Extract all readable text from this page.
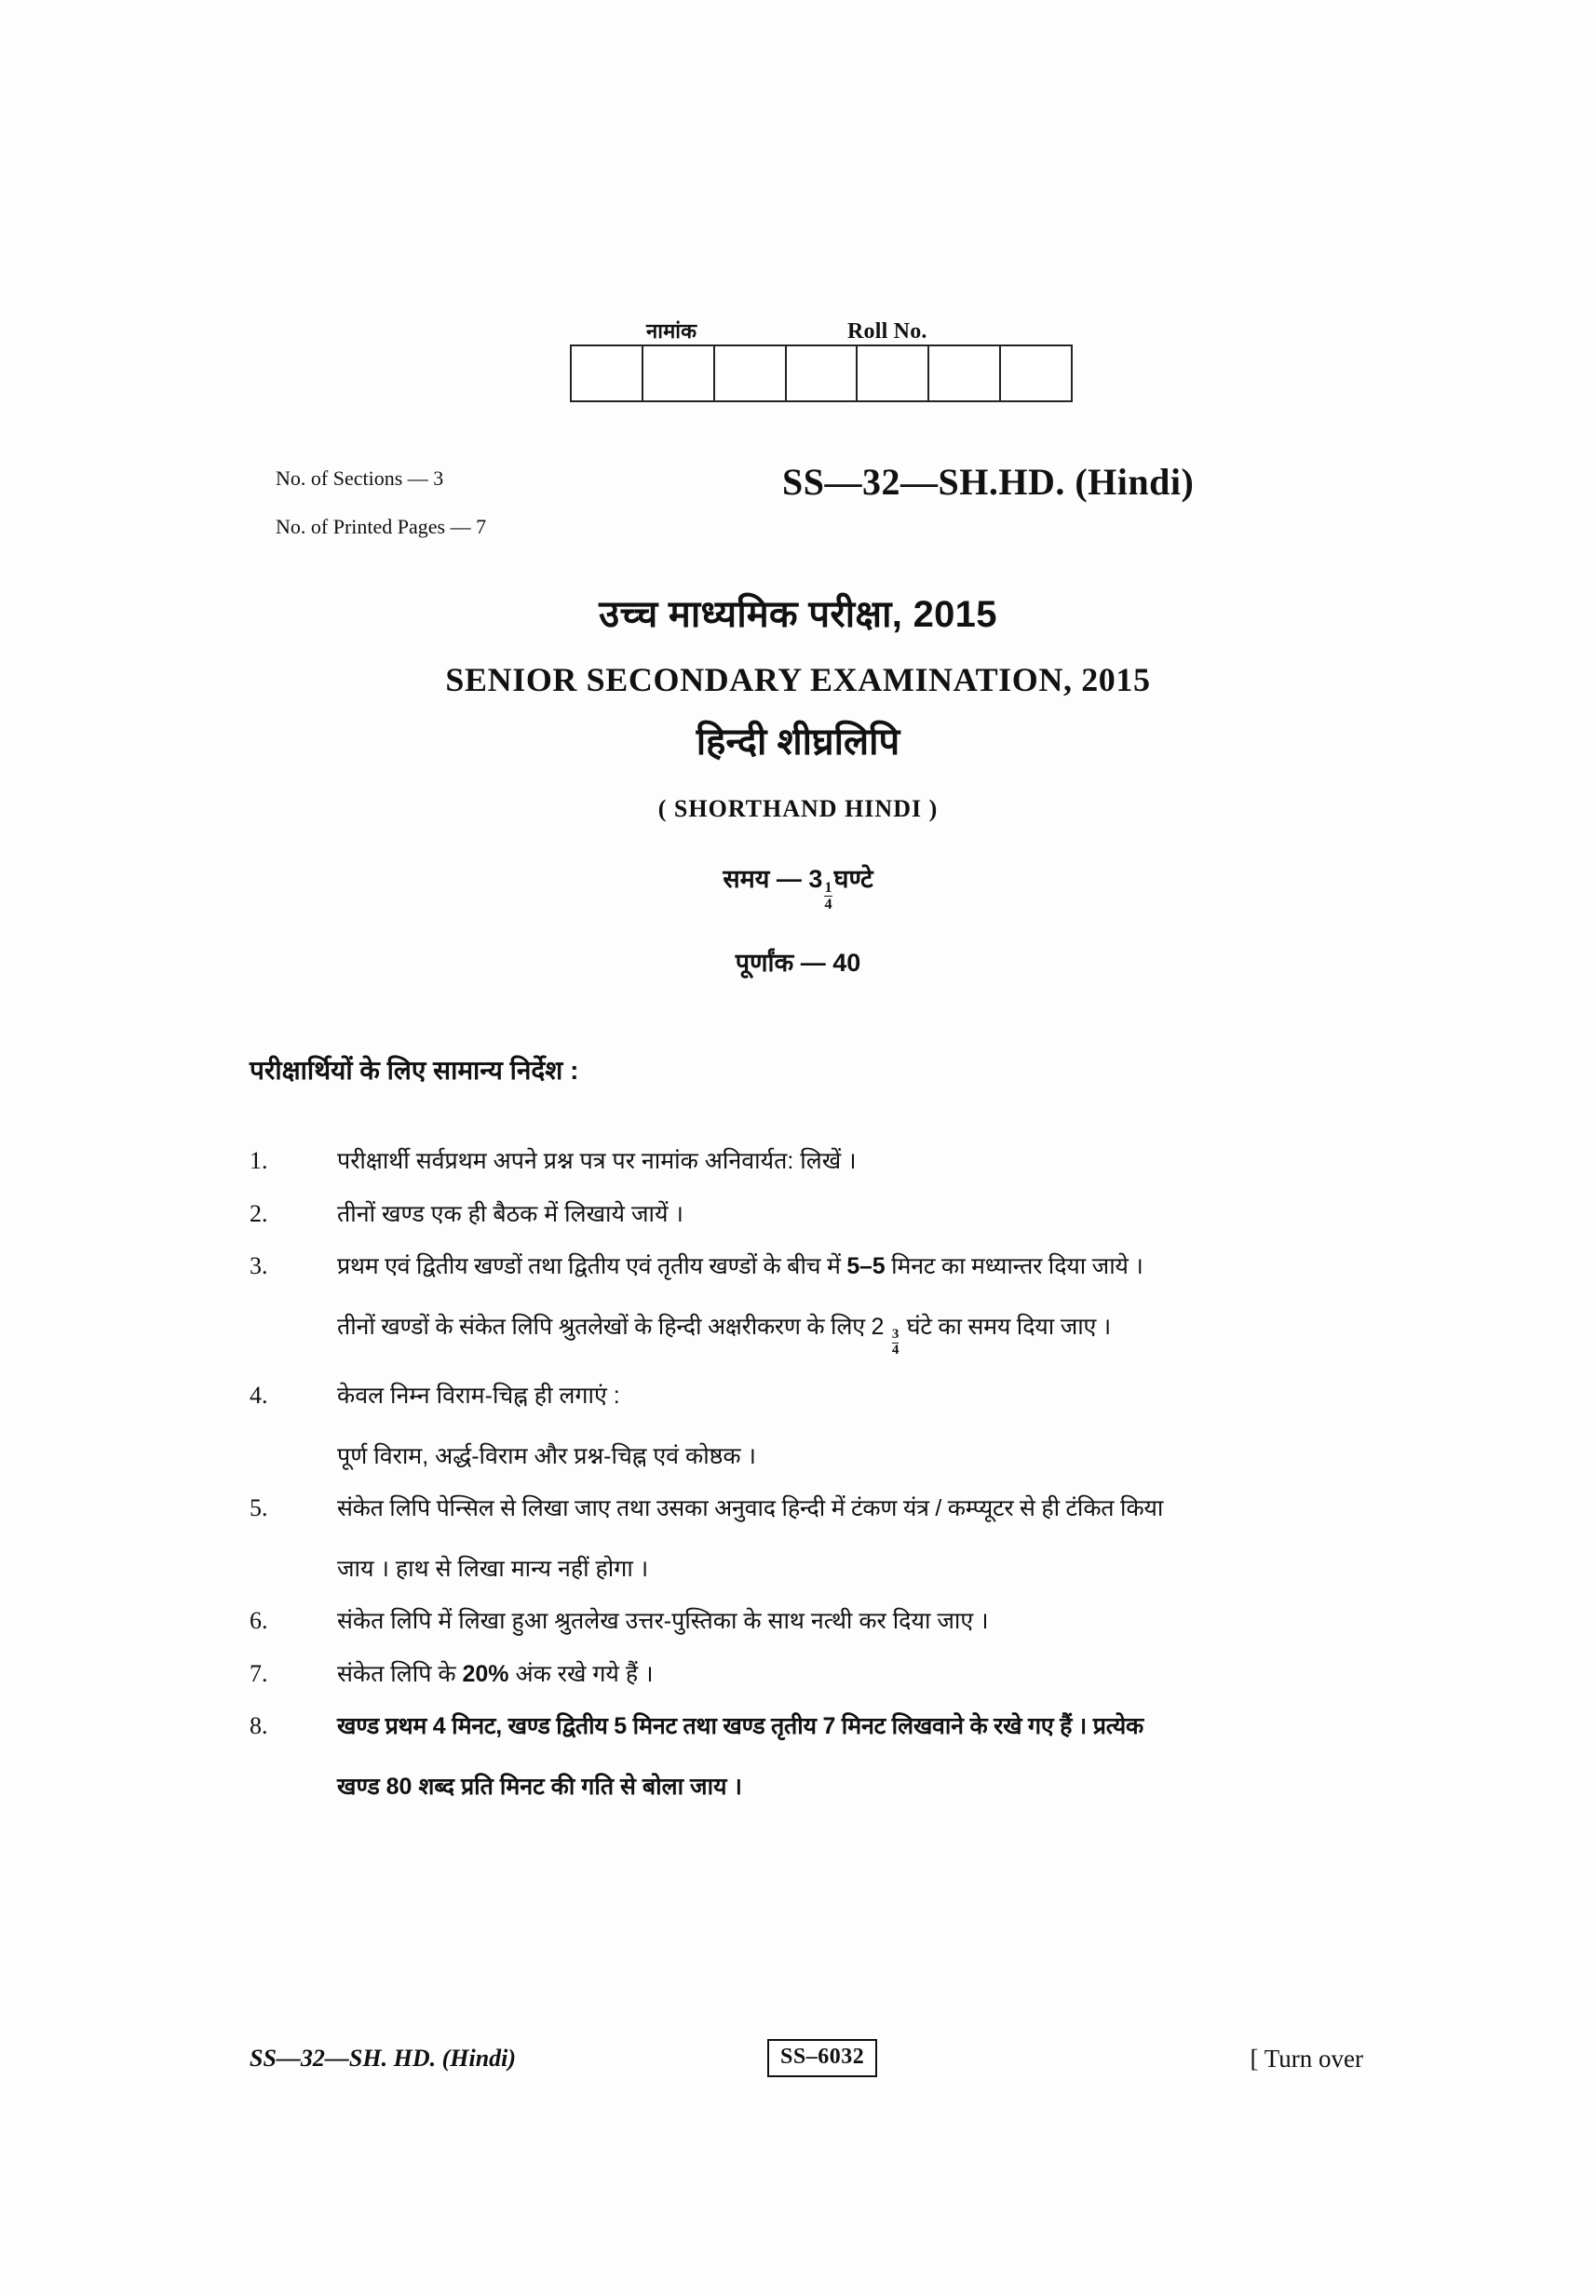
नामांक	Roll No.
No. of Sections — 3
No. of Printed Pages — 7
SS—32—SH.HD. (Hindi)
उच्च माध्यमिक परीक्षा, 2015
SENIOR SECONDARY EXAMINATION, 2015
हिन्दी शीघ्रलिपि
( SHORTHAND HINDI )
समय — 3
$\frac{1}{4}$
घण्टे
पूर्णांक — 40
परीक्षार्थियों के लिए सामान्य निर्देश :
1.	परीक्षार्थी सर्वप्रथम अपने प्रश्न पत्र पर नामांक अनिवार्यत: लिखें ।
2.	तीनों खण्ड एक ही बैठक में लिखाये जायें ।
3.	प्रथम एवं द्वितीय खण्डों तथा द्वितीय एवं तृतीय खण्डों के बीच में 5–5 मिनट का मध्यान्तर दिया जाये ।
तीनों खण्डों के संकेत लिपि श्रुतलेखों के हिन्दी अक्षरीकरण के लिए 2
$\frac{3}{4}$
घंटे का समय दिया जाए ।
4.	केवल निम्न विराम-चिह्न ही लगाएं :
पूर्ण विराम, अर्द्ध-विराम और प्रश्न-चिह्न एवं कोष्ठक ।
5.	संकेत लिपि पेन्सिल से लिखा जाए तथा उसका अनुवाद हिन्दी में टंकण यंत्र / कम्प्यूटर से ही टंकित किया
जाय । हाथ से लिखा मान्य नहीं होगा ।
6.	संकेत लिपि में लिखा हुआ श्रुतलेख उत्तर-पुस्तिका के साथ नत्थी कर दिया जाए ।
7.	संकेत लिपि के 20% अंक रखे गये हैं ।
8.	खण्ड प्रथम 4 मिनट, खण्ड द्वितीय 5 मिनट तथा खण्ड तृतीय 7 मिनट लिखवाने के रखे गए हैं । प्रत्येक
खण्ड 80 शब्द प्रति मिनट की गति से बोला जाय ।
SS—32—SH. HD. (Hindi)	SS–6032	[ Turn over
